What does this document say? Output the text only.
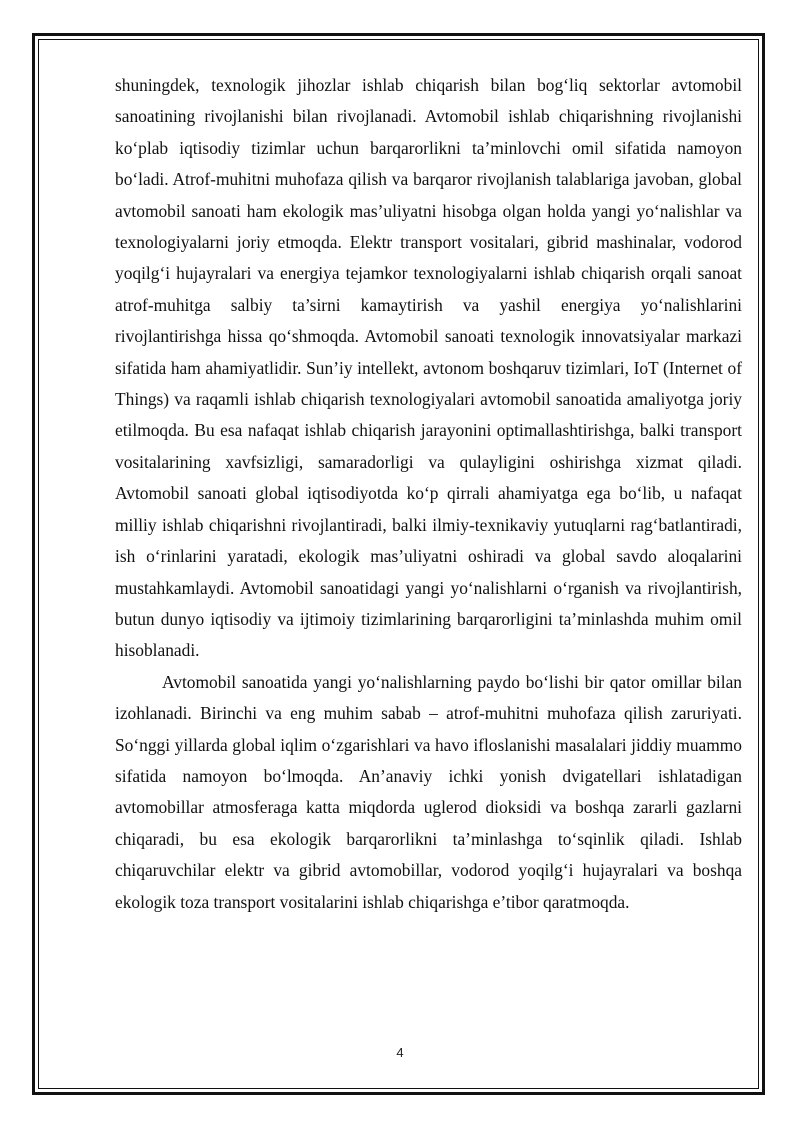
shuningdek, texnologik jihozlar ishlab chiqarish bilan bog‘liq sektorlar avtomobil sanoatining rivojlanishi bilan rivojlanadi. Avtomobil ishlab chiqarishning rivojlanishi ko‘plab iqtisodiy tizimlar uchun barqarorlikni ta’minlovchi omil sifatida namoyon bo‘ladi. Atrof-muhitni muhofaza qilish va barqaror rivojlanish talablariga javoban, global avtomobil sanoati ham ekologik mas’uliyatni hisobga olgan holda yangi yo‘nalishlar va texnologiyalarni joriy etmoqda. Elektr transport vositalari, gibrid mashinalar, vodorod yoqilg‘i hujayralari va energiya tejamkor texnologiyalarni ishlab chiqarish orqali sanoat atrof-muhitga salbiy ta’sirni kamaytirish va yashil energiya yo‘nalishlarini rivojlantirishga hissa qo‘shmoqda. Avtomobil sanoati texnologik innovatsiyalar markazi sifatida ham ahamiyatlidir. Sun’iy intellekt, avtonom boshqaruv tizimlari, IoT (Internet of Things) va raqamli ishlab chiqarish texnologiyalari avtomobil sanoatida amaliyotga joriy etilmoqda. Bu esa nafaqat ishlab chiqarish jarayonini optimallashtirishga, balki transport vositalarining xavfsizligi, samaradorligi va qulayligini oshirishga xizmat qiladi. Avtomobil sanoati global iqtisodiyotda ko‘p qirrali ahamiyatga ega bo‘lib, u nafaqat milliy ishlab chiqarishni rivojlantiradi, balki ilmiy-texnikaviy yutuqlarni rag‘batlantiradi, ish o‘rinlarini yaratadi, ekologik mas’uliyatni oshiradi va global savdo aloqalarini mustahkamlaydi. Avtomobil sanoatidagi yangi yo‘nalishlarni o‘rganish va rivojlantirish, butun dunyo iqtisodiy va ijtimoiy tizimlarining barqarorligini ta’minlashda muhim omil hisoblanadi.

Avtomobil sanoatida yangi yo‘nalishlarning paydo bo‘lishi bir qator omillar bilan izohlanadi. Birinchi va eng muhim sabab – atrof-muhitni muhofaza qilish zaruriyati. So‘nggi yillarda global iqlim o‘zgarishlari va havo ifloslanishi masalalari jiddiy muammo sifatida namoyon bo‘lmoqda. An’anaviy ichki yonish dvigatellari ishlatadigan avtomobillar atmosferaga katta miqdorda uglerod dioksidi va boshqa zararli gazlarni chiqaradi, bu esa ekologik barqarorlikni ta’minlashga to‘sqinlik qiladi. Ishlab chiqaruvchilar elektr va gibrid avtomobillar, vodorod yoqilg‘i hujayralari va boshqa ekologik toza transport vositalarini ishlab chiqarishga e’tibor qaratmoqda.

4
